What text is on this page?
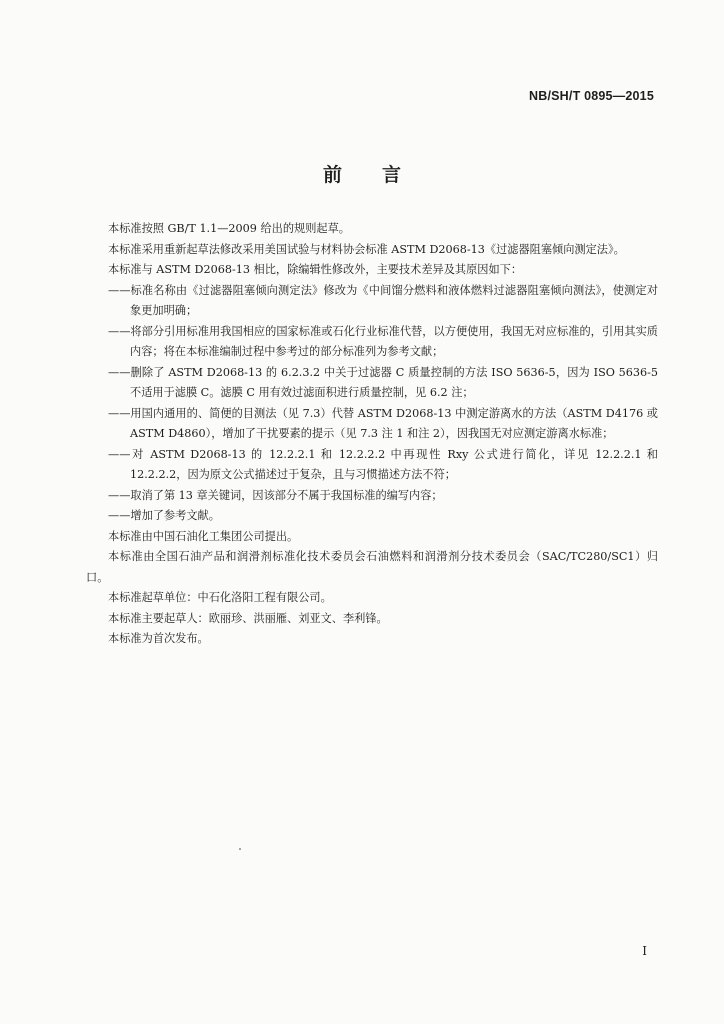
NB/SH/T 0895—2015
前言

本标准按照 GB/T 1.1—2009 给出的规则起草。

本标准采用重新起草法修改采用美国试验与材料协会标准 ASTM D2068-13《过滤器阻塞倾向测定法》。

本标准与 ASTM D2068-13 相比，除编辑性修改外，主要技术差异及其原因如下：

——标准名称由《过滤器阻塞倾向测定法》修改为《中间馏分燃料和液体燃料过滤器阻塞倾向测法》，使测定对象更加明确；

——将部分引用标准用我国相应的国家标准或石化行业标准代替，以方便使用，我国无对应标准的，引用其实质内容；将在本标准编制过程中参考过的部分标准列为参考文献；

——删除了 ASTM D2068-13 的 6.2.3.2 中关于过滤器 C 质量控制的方法 ISO 5636-5，因为 ISO 5636-5 不适用于滤膜 C。滤膜 C 用有效过滤面积进行质量控制，见 6.2 注；

——用国内通用的、简便的目测法（见 7.3）代替 ASTM D2068-13 中测定游离水的方法（ASTM D4176 或 ASTM D4860），增加了干扰要素的提示（见 7.3 注 1 和注 2），因我国无对应测定游离水标准；

——对 ASTM D2068-13 的 12.2.2.1 和 12.2.2.2 中再现性 Rxy 公式进行简化，详见 12.2.2.1 和 12.2.2.2，因为原文公式描述过于复杂，且与习惯描述方法不符；

——取消了第 13 章关键词，因该部分不属于我国标准的编写内容；

——增加了参考文献。

本标准由中国石油化工集团公司提出。

本标准由全国石油产品和润滑剂标准化技术委员会石油燃料和润滑剂分技术委员会（SAC/TC280/SC1）归口。

本标准起草单位：中石化洛阳工程有限公司。

本标准主要起草人：欧丽珍、洪丽雁、刘亚文、李利锋。

本标准为首次发布。

I
